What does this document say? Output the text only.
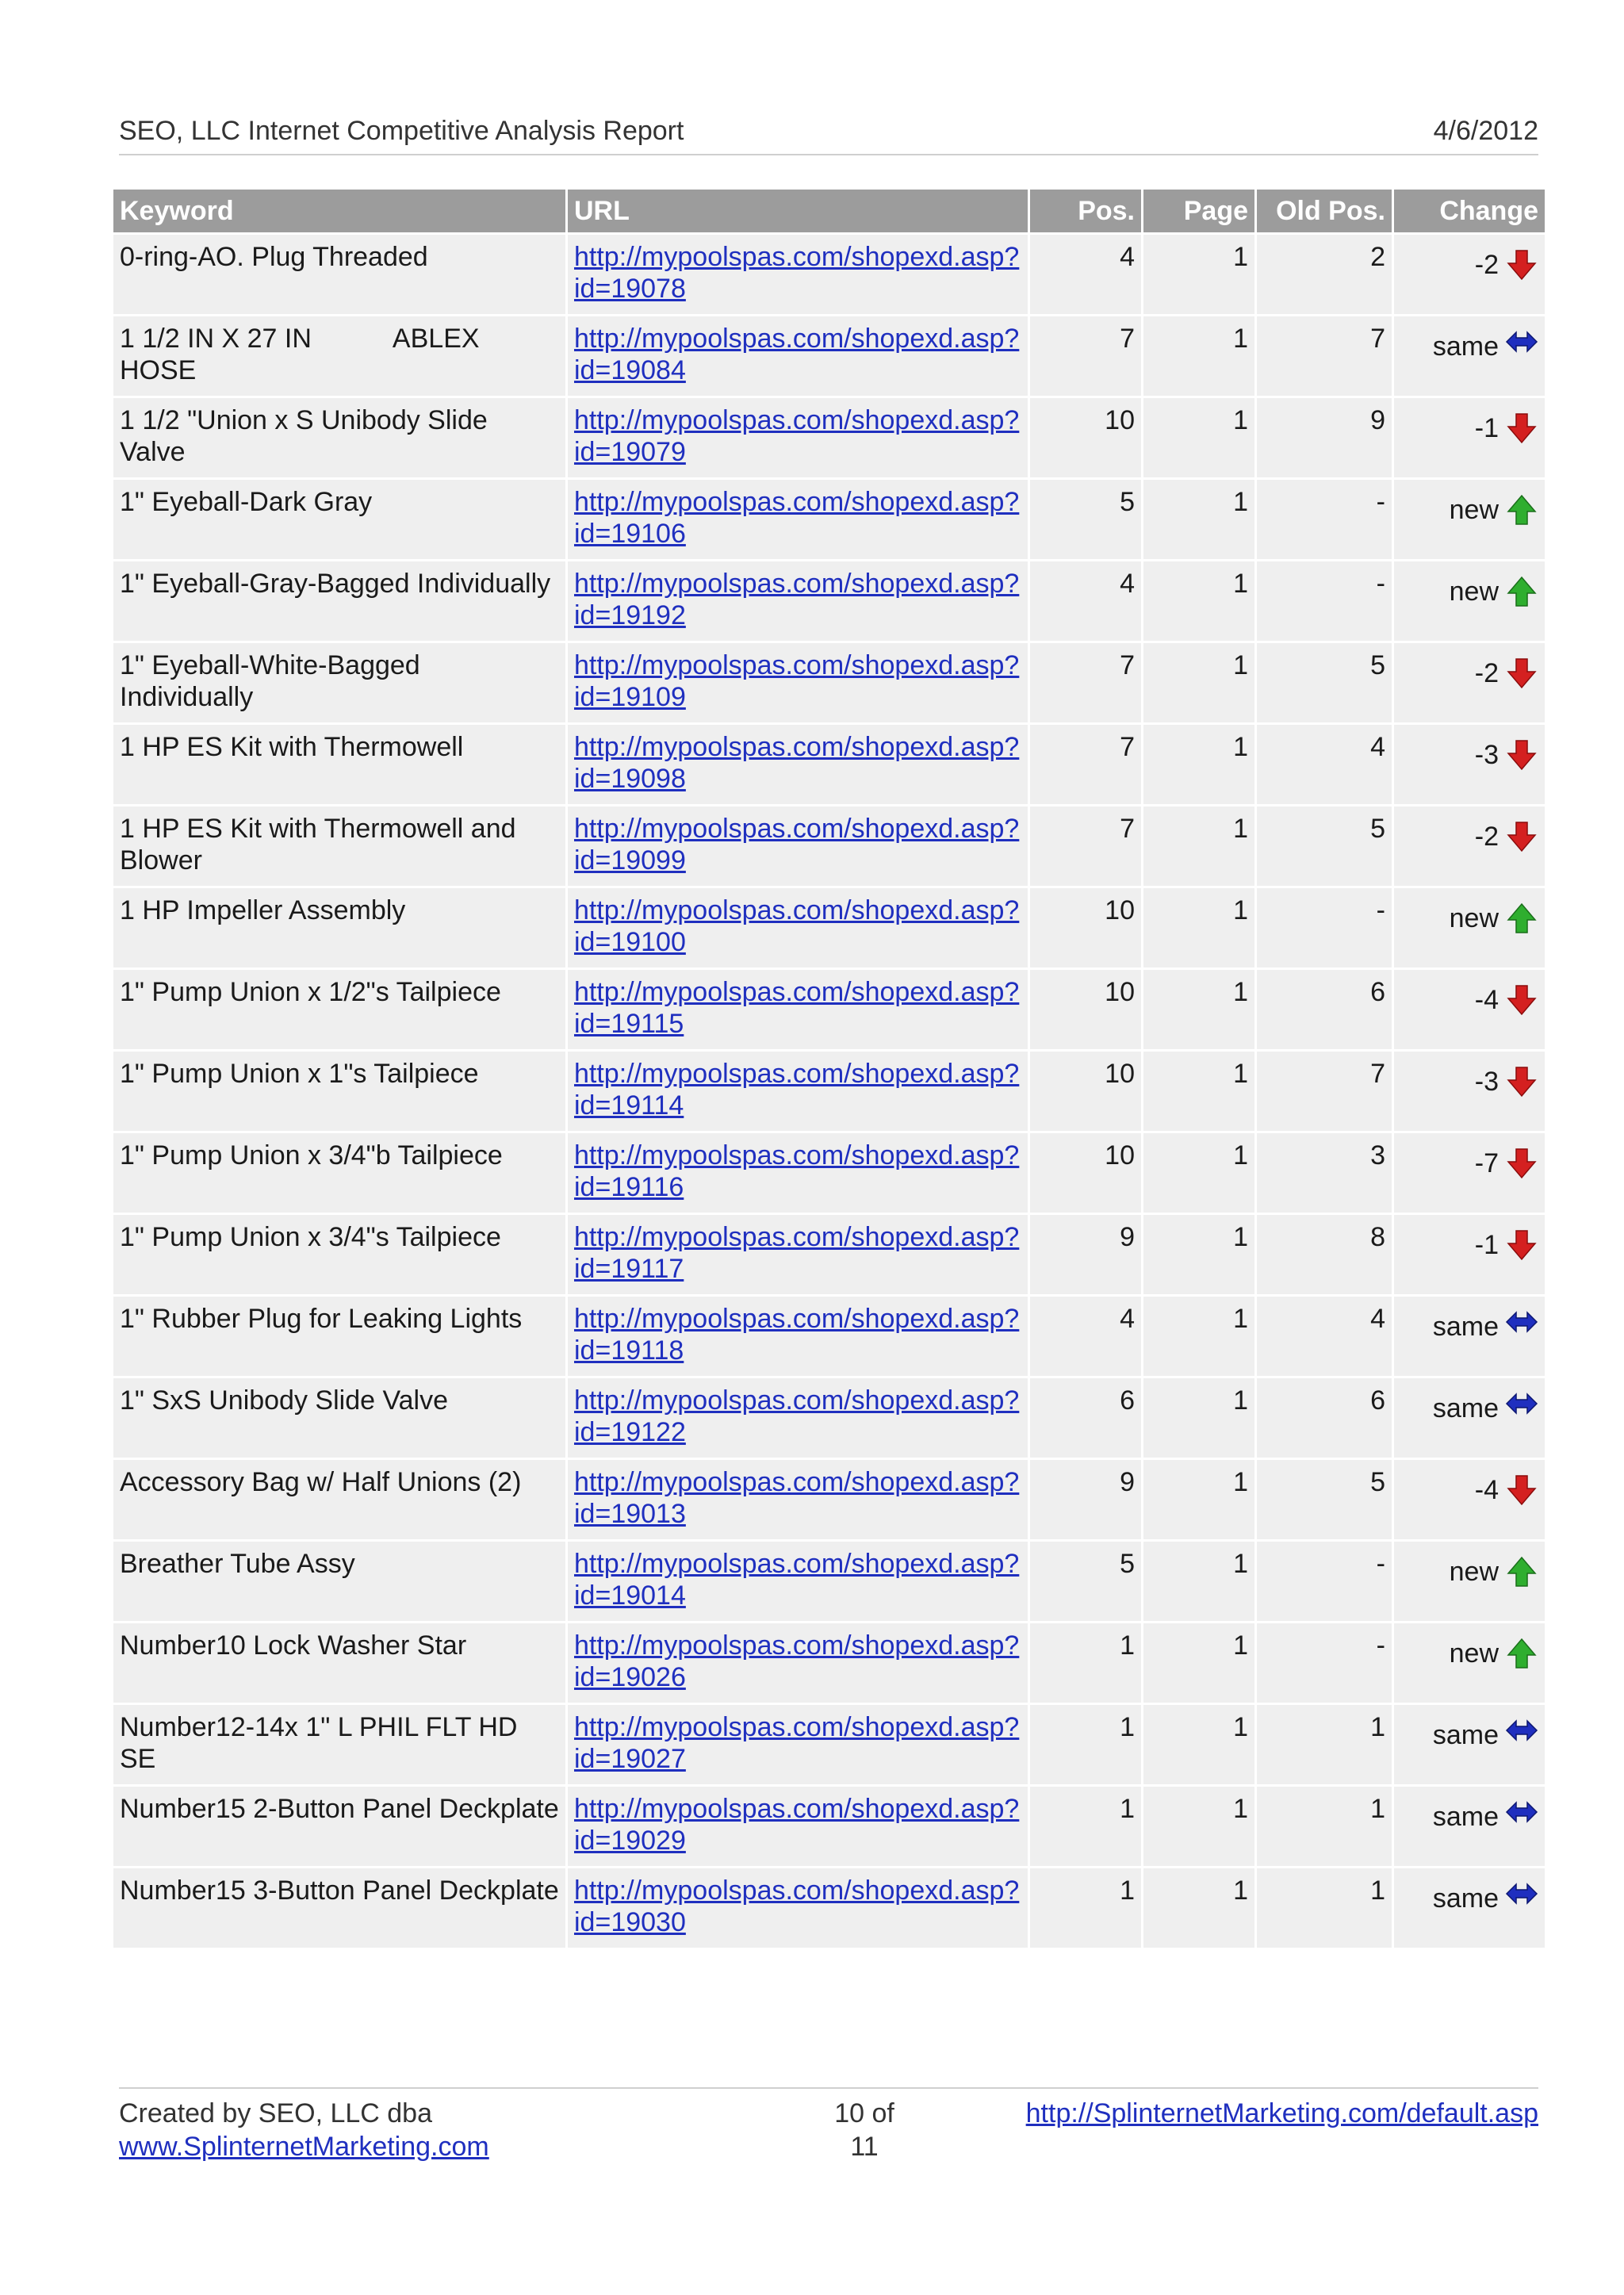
SEO, LLC Internet Competitive Analysis Report	4/6/2012
Keyword	URL	Pos.	Page	Old Pos.	Change
0-ring-AO. Plug Threaded	http://mypoolspas.com/shopexd.asp?id=19078	4	1	2	-2

1 1/2 IN X 27 IN           ABLEX HOSE	http://mypoolspas.com/shopexd.asp?id=19084	7	1	7	same

1 1/2 "Union x S Unibody Slide Valve	http://mypoolspas.com/shopexd.asp?id=19079	10	1	9	-1

1" Eyeball-Dark Gray	http://mypoolspas.com/shopexd.asp?id=19106	5	1	-	new

1" Eyeball-Gray-Bagged Individually	http://mypoolspas.com/shopexd.asp?id=19192	4	1	-	new

1" Eyeball-White-Bagged Individually	http://mypoolspas.com/shopexd.asp?id=19109	7	1	5	-2

1 HP ES Kit with Thermowell	http://mypoolspas.com/shopexd.asp?id=19098	7	1	4	-3

1 HP ES Kit with Thermowell and Blower	http://mypoolspas.com/shopexd.asp?id=19099	7	1	5	-2

1 HP Impeller Assembly	http://mypoolspas.com/shopexd.asp?id=19100	10	1	-	new

1" Pump Union x 1/2"s Tailpiece	http://mypoolspas.com/shopexd.asp?id=19115	10	1	6	-4

1" Pump Union x 1"s Tailpiece	http://mypoolspas.com/shopexd.asp?id=19114	10	1	7	-3

1" Pump Union x 3/4"b Tailpiece	http://mypoolspas.com/shopexd.asp?id=19116	10	1	3	-7

1" Pump Union x 3/4"s Tailpiece	http://mypoolspas.com/shopexd.asp?id=19117	9	1	8	-1

1" Rubber Plug for Leaking Lights	http://mypoolspas.com/shopexd.asp?id=19118	4	1	4	same

1" SxS Unibody Slide Valve	http://mypoolspas.com/shopexd.asp?id=19122	6	1	6	same

Accessory Bag w/ Half Unions (2)	http://mypoolspas.com/shopexd.asp?id=19013	9	1	5	-4

Breather Tube Assy	http://mypoolspas.com/shopexd.asp?id=19014	5	1	-	new

Number10 Lock Washer Star	http://mypoolspas.com/shopexd.asp?id=19026	1	1	-	new

Number12-14x 1" L PHIL FLT HD SE	http://mypoolspas.com/shopexd.asp?id=19027	1	1	1	same

Number15 2-Button Panel Deckplate	http://mypoolspas.com/shopexd.asp?id=19029	1	1	1	same

Number15 3-Button Panel Deckplate	http://mypoolspas.com/shopexd.asp?id=19030	1	1	1	same
Created by SEO, LLC dba
www.SplinternetMarketing.com
10 of 11
http://SplinternetMarketing.com/default.asp
